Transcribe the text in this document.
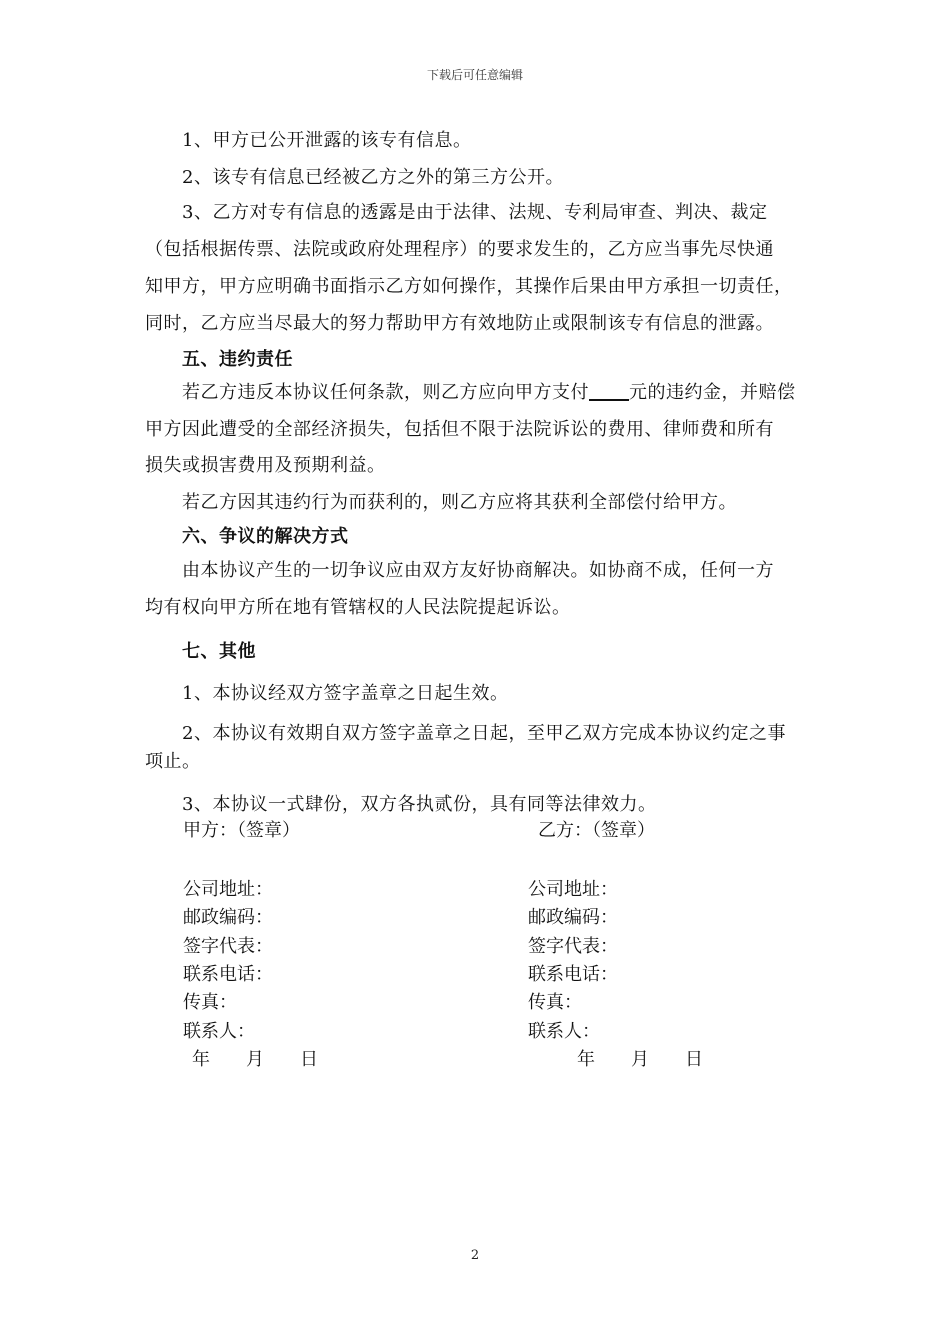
下载后可任意编辑
1、甲方已公开泄露的该专有信息。
2、该专有信息已经被乙方之外的第三方公开。
3、乙方对专有信息的透露是由于法律、法规、专利局审查、判决、裁定
（包括根据传票、法院或政府处理程序）的要求发生的，乙方应当事先尽快通
知甲方，甲方应明确书面指示乙方如何操作，其操作后果由甲方承担一切责任，
同时，乙方应当尽最大的努力帮助甲方有效地防止或限制该专有信息的泄露。
五、违约责任
若乙方违反本协议任何条款，则乙方应向甲方支付 元的违约金，并赔偿
甲方因此遭受的全部经济损失，包括但不限于法院诉讼的费用、律师费和所有
损失或损害费用及预期利益。
若乙方因其违约行为而获利的，则乙方应将其获利全部偿付给甲方。
六、争议的解决方式
由本协议产生的一切争议应由双方友好协商解决。如协商不成，任何一方
均有权向甲方所在地有管辖权的人民法院提起诉讼。
七、其他
1、本协议经双方签字盖章之日起生效。
2、本协议有效期自双方签字盖章之日起，至甲乙双方完成本协议约定之事
项止。
3、本协议一式肆份，双方各执贰份，具有同等法律效力。
甲方：（签章）
公司地址：
邮政编码：
签字代表：
联系电话：
传真：
联系人：
年　　月　　日
乙方：（签章）
公司地址：
邮政编码：
签字代表：
联系电话：
传真：
联系人：
年　　月　　日
2
